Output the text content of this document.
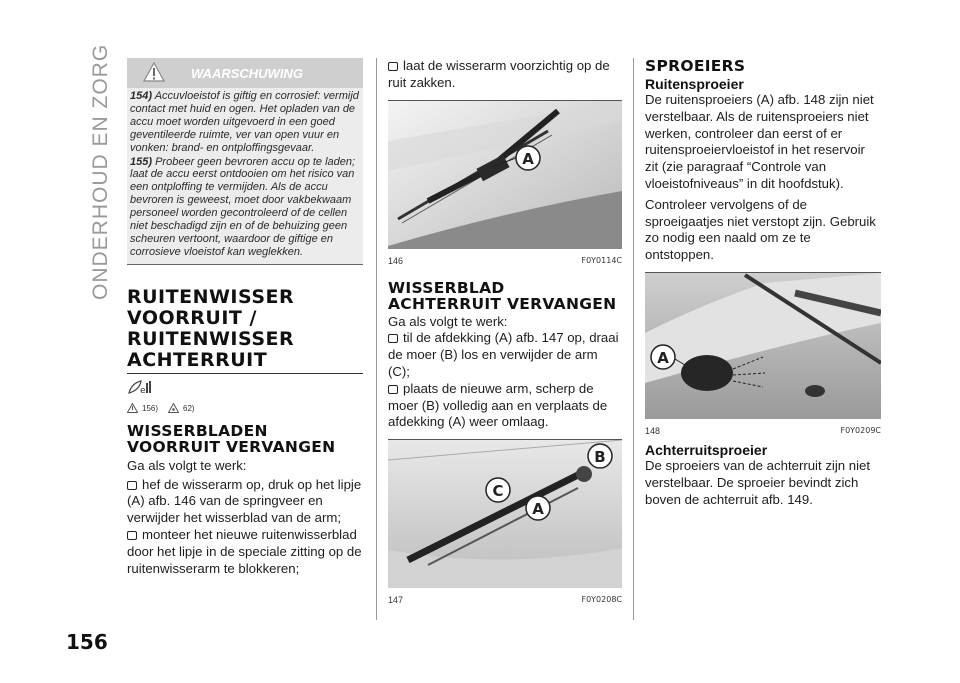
ONDERHOUD EN ZORG
156
WAARSCHUWING

154) Accuvloeistof is giftig en corrosief: vermijd contact met huid en ogen. Het opladen van de accu moet worden uitgevoerd in een goed geventileerde ruimte, ver van open vuur en vonken: brand- en ontploffingsgevaar.

155) Probeer geen bevroren accu op te laden; laat de accu eerst ontdooien om het risico van een ontploffing te vermijden. Als de accu bevroren is geweest, moet door vakbekwaam personeel worden gecontroleerd of de cellen niet beschadigd zijn en of de behuizing geen scheuren vertoont, waardoor de giftige en corrosieve vloeistof kan weglekken.

RUITENWISSER VOORRUIT / RUITENWISSER ACHTERRUIT
e
156)	62)
WISSERBLADEN VOORRUIT VERVANGEN
Ga als volgt te werk:
hef de wisserarm op, druk op het lipje (A) afb. 146 van de springveer en verwijder het wisserblad van de arm;
monteer het nieuwe ruitenwisserblad door het lipje in de speciale zitting op de ruitenwisserarm te blokkeren;
laat de wisserarm voorzichtig op de ruit zakken.
A
146	F0Y0114C
WISSERBLAD ACHTERRUIT VERVANGEN
Ga als volgt te werk:
til de afdekking (A) afb. 147 op, draai de moer (B) los en verwijder de arm (C);
plaats de nieuwe arm, scherp de moer (B) volledig aan en verplaats de afdekking (A) weer omlaag.
B
C
A
147	F0Y0208C
SPROEIERS
Ruitensproeier
De ruitensproeiers (A) afb. 148 zijn niet verstelbaar. Als de ruitensproeiers niet werken, controleer dan eerst of er ruitensproeiervloeistof in het reservoir zit (zie paragraaf “Controle van vloeistofniveaus” in dit hoofdstuk).
Controleer vervolgens of de sproeigaatjes niet verstopt zijn. Gebruik zo nodig een naald om ze te ontstoppen.
A
148	F0Y0209C
Achterruitsproeier
De sproeiers van de achterruit zijn niet verstelbaar. De sproeier bevindt zich boven de achterruit afb. 149.
